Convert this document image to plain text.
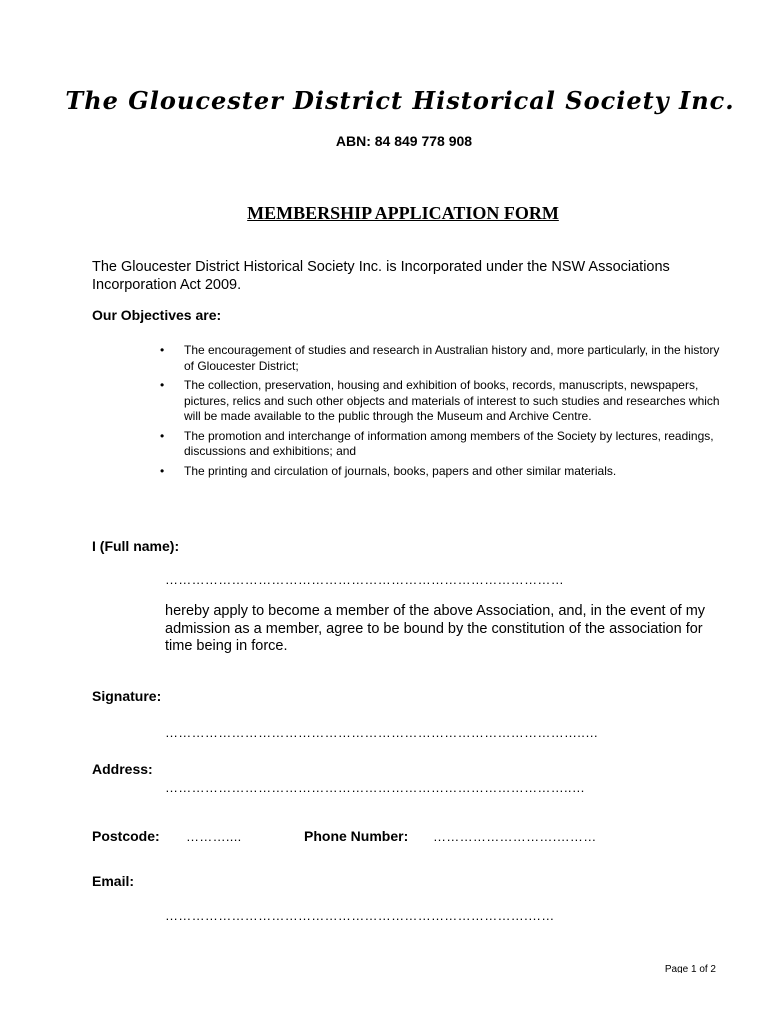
The Gloucester District Historical Society Inc.
ABN: 84 849 778 908
MEMBERSHIP APPLICATION FORM
The Gloucester District Historical Society Inc. is Incorporated under the NSW Associations Incorporation Act 2009.
Our Objectives are:
• The encouragement of studies and research in Australian history and, more particularly, in the history of Gloucester District;
• The collection, preservation, housing and exhibition of books, records, manuscripts, newspapers, pictures, relics and such other objects and materials of interest to such studies and researches which will be made available to the public through the Museum and Archive Centre.
• The promotion and interchange of information among members of the Society by lectures, readings, discussions and exhibitions; and
• The printing and circulation of journals, books, papers and other similar materials.
I (Full name):
………………………………………………………………………………
hereby apply to become a member of the above Association, and, in the event of my admission as a member, agree to be bound by the constitution of the association for time being in force.
Signature:
…………………………………………………………………………………..…
Address:
………………………………………………………………………………..…
Postcode: ………....	Phone Number: ……………………….………
Email:
……………………………………………………………………….……
Page 1 of 2
